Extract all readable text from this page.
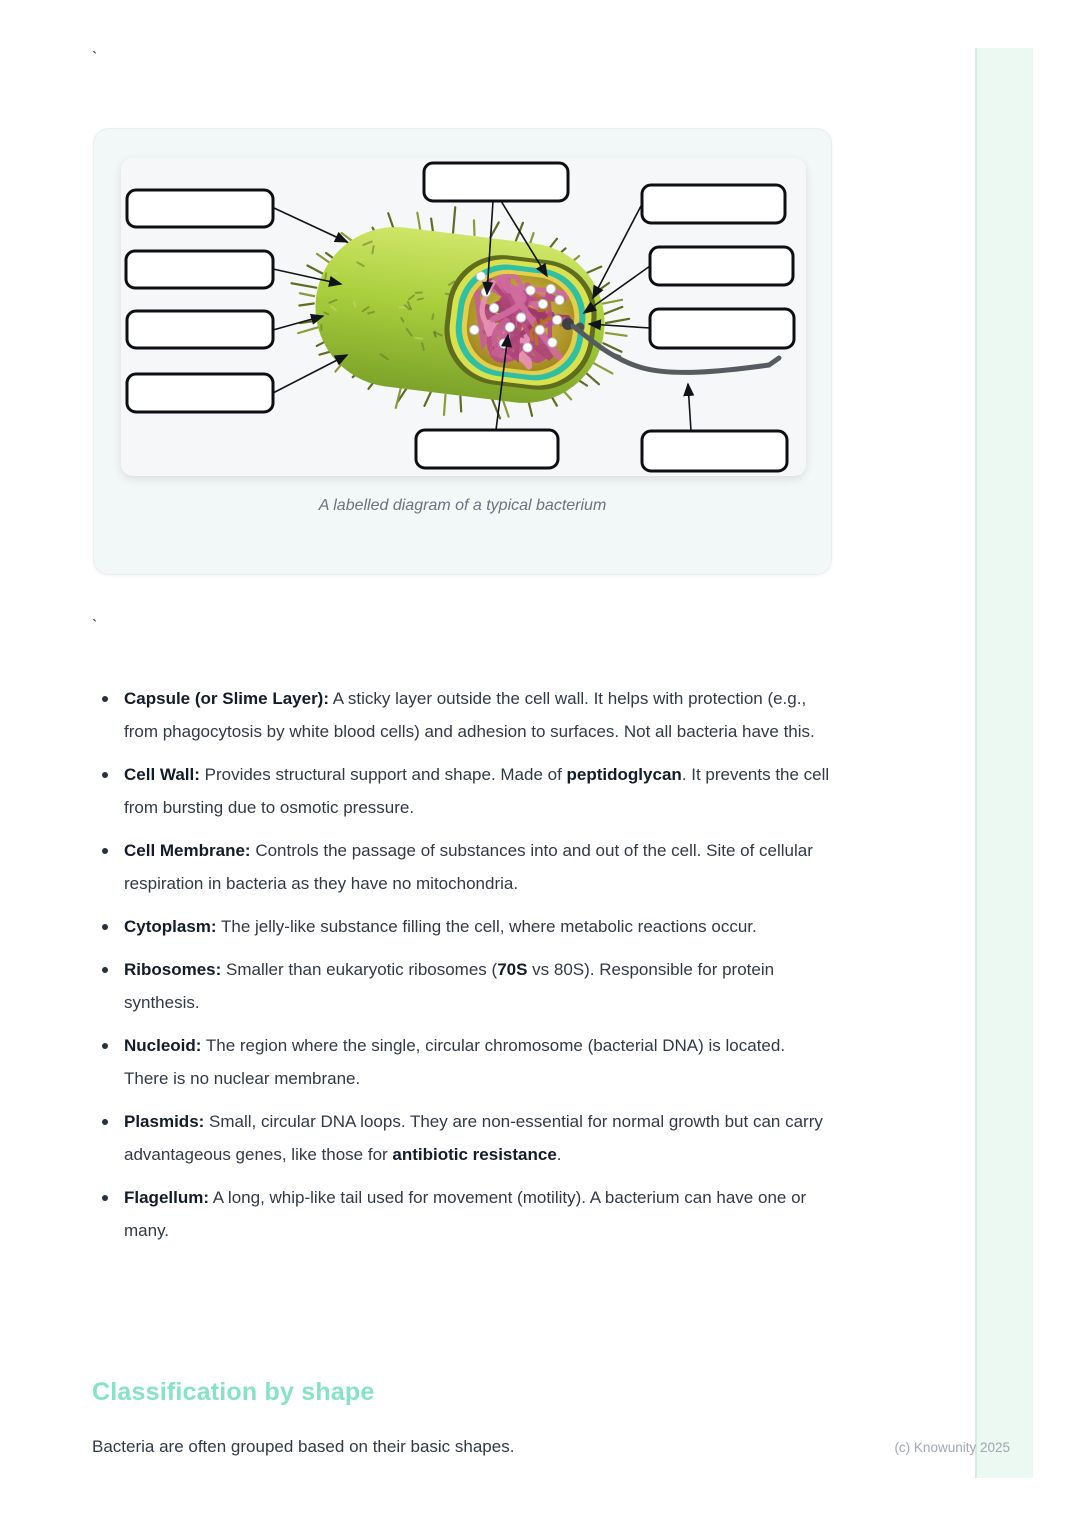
`
A labelled diagram of a typical bacterium
`
Capsule (or Slime Layer): A sticky layer outside the cell wall. It helps with protection (e.g., from phagocytosis by white blood cells) and adhesion to surfaces. Not all bacteria have this.
Cell Wall: Provides structural support and shape. Made of peptidoglycan. It prevents the cell from bursting due to osmotic pressure.
Cell Membrane: Controls the passage of substances into and out of the cell. Site of cellular respiration in bacteria as they have no mitochondria.
Cytoplasm: The jelly-like substance filling the cell, where metabolic reactions occur.
Ribosomes: Smaller than eukaryotic ribosomes (70S vs 80S). Responsible for protein synthesis.
Nucleoid: The region where the single, circular chromosome (bacterial DNA) is located. There is no nuclear membrane.
Plasmids: Small, circular DNA loops. They are non-essential for normal growth but can carry advantageous genes, like those for antibiotic resistance.
Flagellum: A long, whip-like tail used for movement (motility). A bacterium can have one or many.
Classification by shape

Bacteria are often grouped based on their basic shapes.	(c) Knowunity 2025
